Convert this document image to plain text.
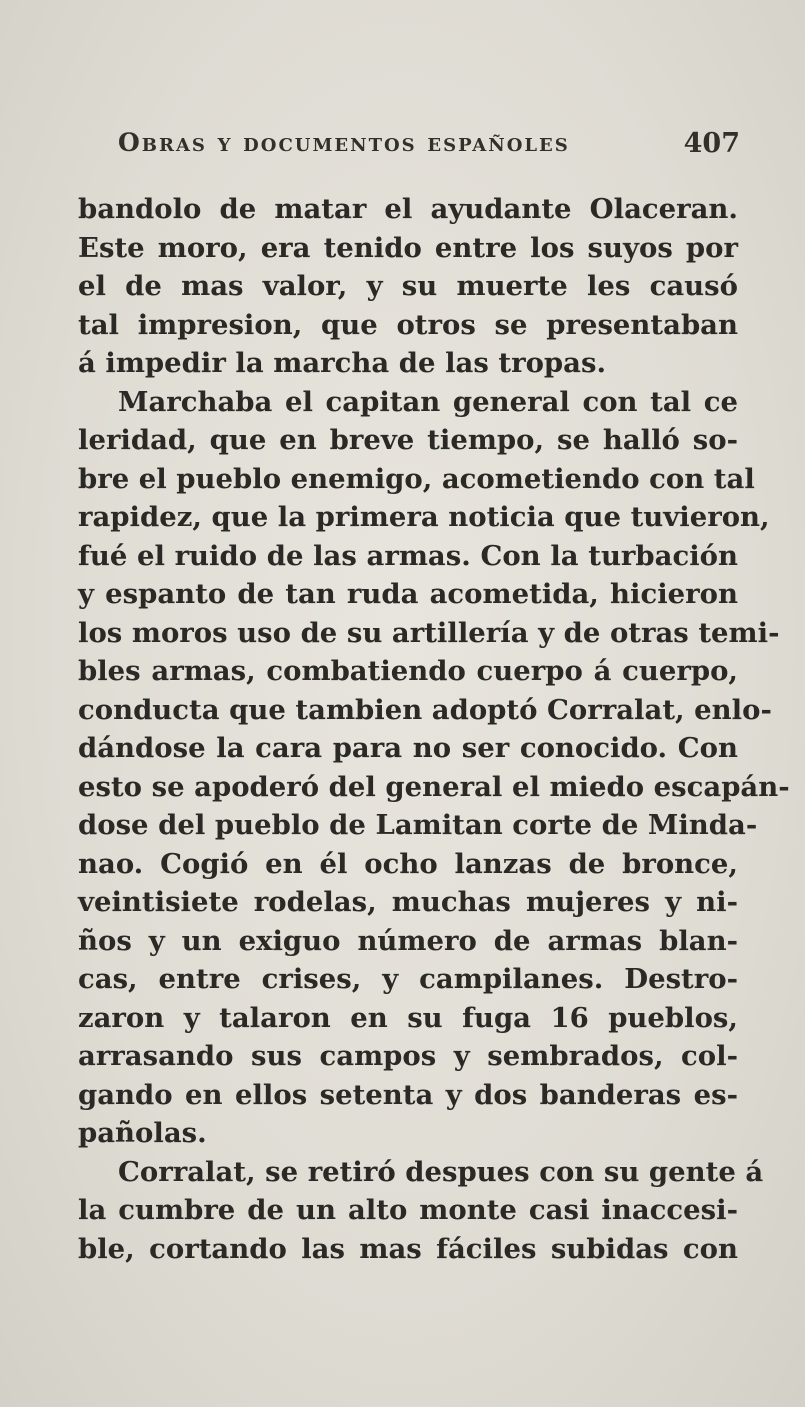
Obras y documentos españoles	407
bandolo de matar el ayudante Olaceran.
Este moro, era tenido entre los suyos por
el de mas valor, y su muerte les causó
tal impresion, que otros se presentaban
á impedir la marcha de las tropas.
Marchaba el capitan general con tal ce
leridad, que en breve tiempo, se halló so-
bre el pueblo enemigo, acometiendo con tal
rapidez, que la primera noticia que tuvieron,
fué el ruido de las armas. Con la turbación
y espanto de tan ruda acometida, hicieron
los moros uso de su artillería y de otras temi-
bles armas, combatiendo cuerpo á cuerpo,
conducta que tambien adoptó Corralat, enlo-
dándose la cara para no ser conocido. Con
esto se apoderó del general el miedo escapán-
dose del pueblo de Lamitan corte de Minda-
nao. Cogió en él ocho lanzas de bronce,
veintisiete rodelas, muchas mujeres y ni-
ños y un exiguo número de armas blan-
cas, entre crises, y campilanes. Destro-
zaron y talaron en su fuga 16 pueblos,
arrasando sus campos y sembrados, col-
gando en ellos setenta y dos banderas es-
pañolas.
Corralat, se retiró despues con su gente á
la cumbre de un alto monte casi inaccesi-
ble, cortando las mas fáciles subidas con
